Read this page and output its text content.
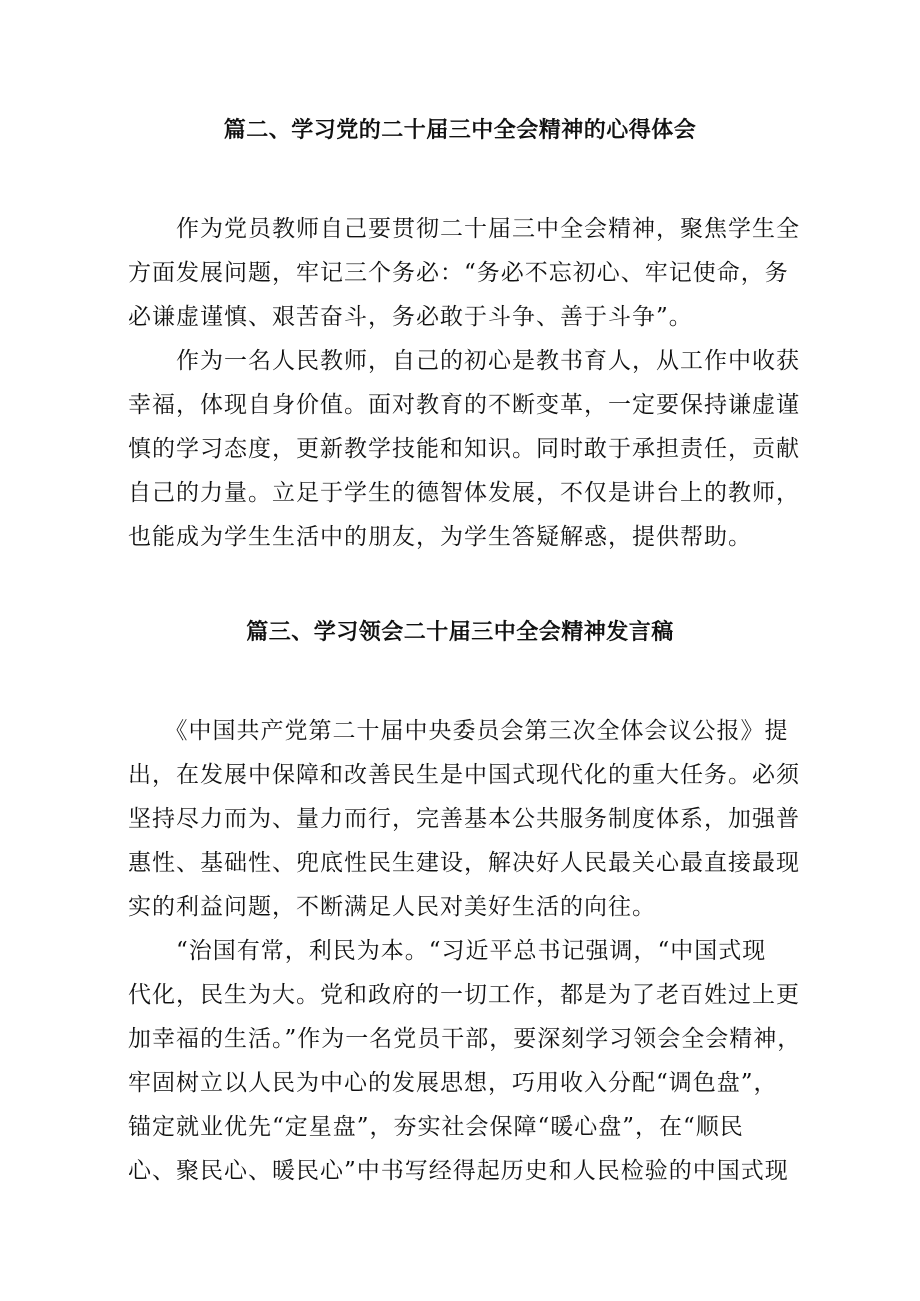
篇二、学习党的二十届三中全会精神的心得体会
　　作为党员教师自己要贯彻二十届三中全会精神，聚焦学生全
方面发展问题，牢记三个务必：“务必不忘初心、牢记使命，务
必谦虚谨慎、艰苦奋斗，务必敢于斗争、善于斗争”。
　　作为一名人民教师，自己的初心是教书育人，从工作中收获
幸福，体现自身价值。面对教育的不断变革，一定要保持谦虚谨
慎的学习态度，更新教学技能和知识。同时敢于承担责任，贡献
自己的力量。立足于学生的德智体发展，不仅是讲台上的教师，
也能成为学生生活中的朋友，为学生答疑解惑，提供帮助。
篇三、学习领会二十届三中全会精神发言稿
　　《中国共产党第二十届中央委员会第三次全体会议公报》提
出，在发展中保障和改善民生是中国式现代化的重大任务。必须
坚持尽力而为、量力而行，完善基本公共服务制度体系，加强普
惠性、基础性、兜底性民生建设，解决好人民最关心最直接最现
实的利益问题，不断满足人民对美好生活的向往。
　　“治国有常，利民为本。“习近平总书记强调，“中国式现
代化，民生为大。党和政府的一切工作，都是为了老百姓过上更
加幸福的生活。”作为一名党员干部，要深刻学习领会全会精神，
牢固树立以人民为中心的发展思想，巧用收入分配“调色盘”，
锚定就业优先“定星盘”，夯实社会保障“暖心盘”，在“顺民
心、聚民心、暖民心”中书写经得起历史和人民检验的中国式现
